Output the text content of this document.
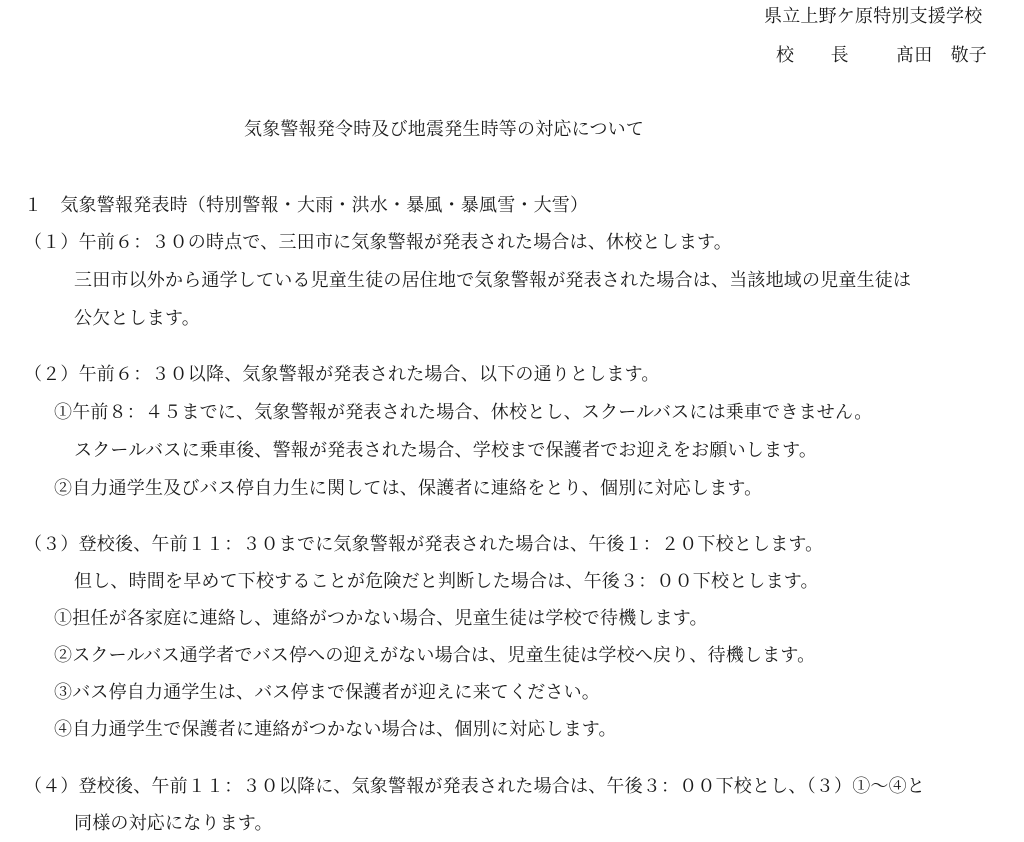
県立上野ケ原特別支援学校
校　　長	髙田　敬子
気象警報発令時及び地震発生時等の対応について
１　気象警報発表時（特別警報・大雨・洪水・暴風・暴風雪・大雪）
（１）午前６：３０の時点で、三田市に気象警報が発表された場合は、休校とします。
三田市以外から通学している児童生徒の居住地で気象警報が発表された場合は、当該地域の児童生徒は
公欠とします。
（２）午前６：３０以降、気象警報が発表された場合、以下の通りとします。
①午前８：４５までに、気象警報が発表された場合、休校とし、スクールバスには乗車できません。
スクールバスに乗車後、警報が発表された場合、学校まで保護者でお迎えをお願いします。
②自力通学生及びバス停自力生に関しては、保護者に連絡をとり、個別に対応します。
（３）登校後、午前１１：３０までに気象警報が発表された場合は、午後１：２０下校とします。
但し、時間を早めて下校することが危険だと判断した場合は、午後３：００下校とします。
①担任が各家庭に連絡し、連絡がつかない場合、児童生徒は学校で待機します。
②スクールバス通学者でバス停への迎えがない場合は、児童生徒は学校へ戻り、待機します。
③バス停自力通学生は、バス停まで保護者が迎えに来てください。
④自力通学生で保護者に連絡がつかない場合は、個別に対応します。
（４）登校後、午前１１：３０以降に、気象警報が発表された場合は、午後３：００下校とし、（３）①～④と
同様の対応になります。
